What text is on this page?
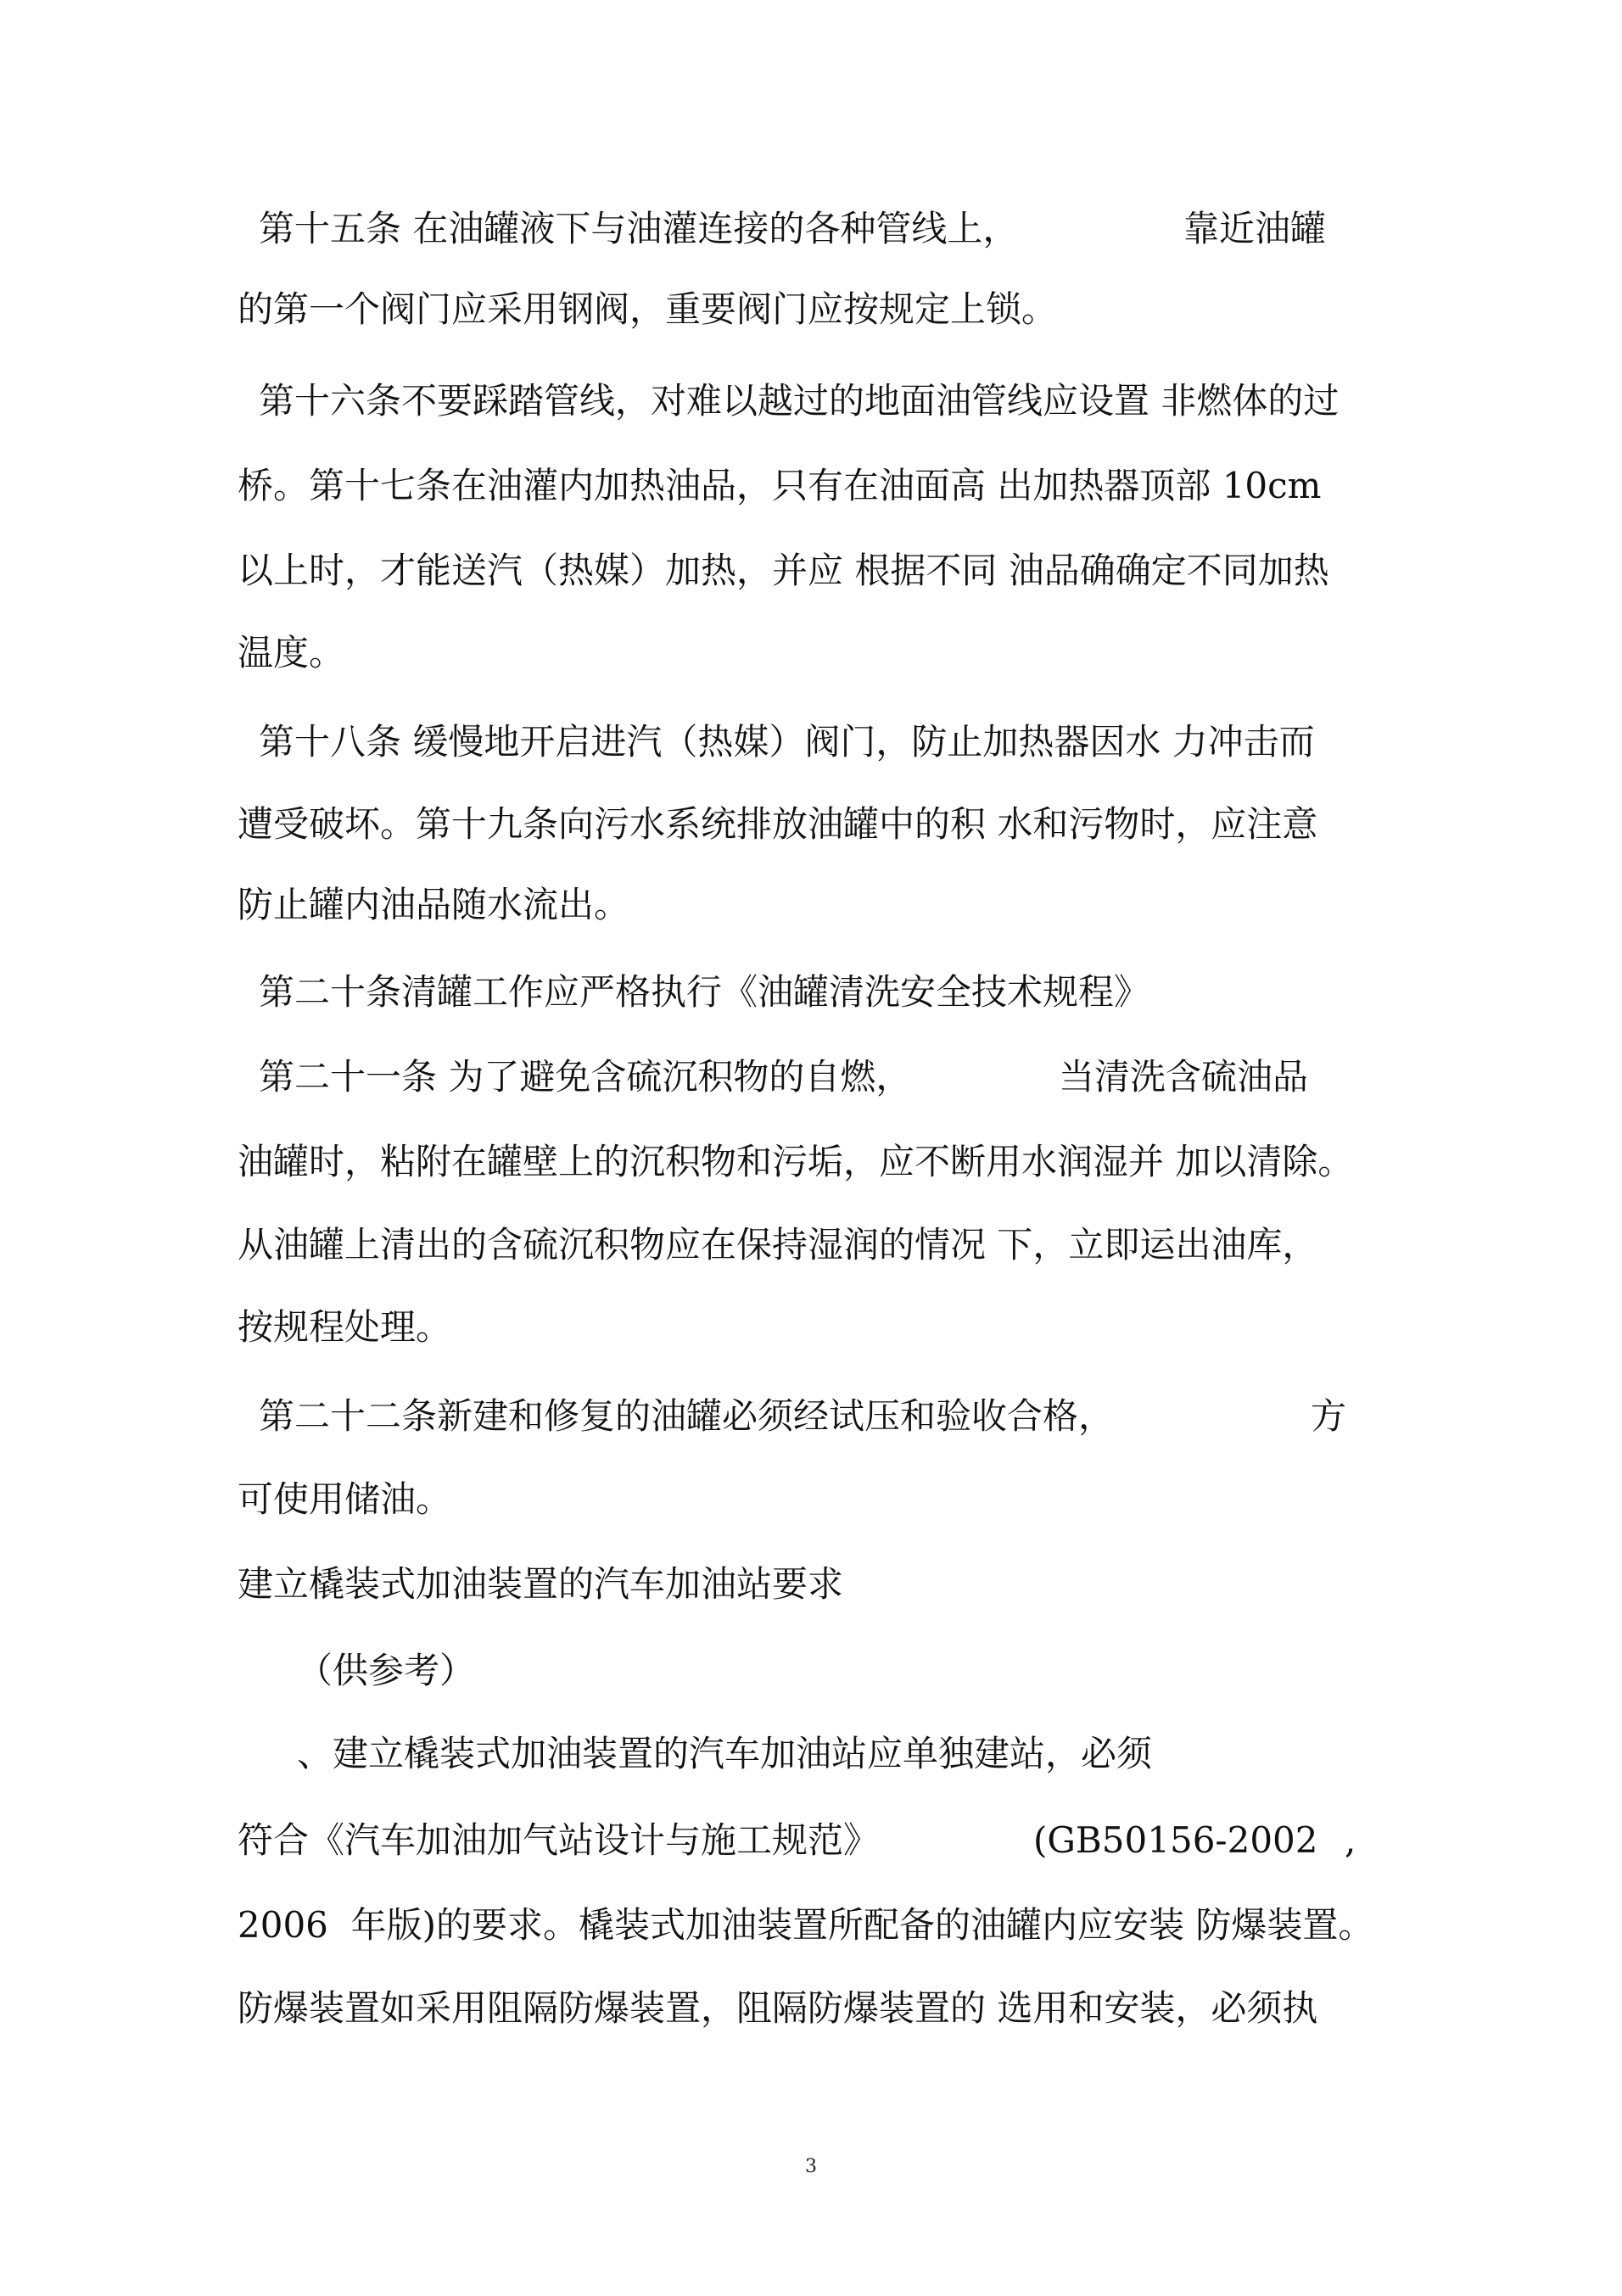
第十五条 在油罐液下与油灌连接的各种管线上，	靠近油罐
的第一个阀门应采用钢阀，重要阀门应按规定上锁。
第十六条不要踩踏管线，对难以越过的地面油管线应设置 非燃体的过
桥。第十七条在油灌内加热油品，只有在油面高 出加热器顶部 10cm
以上时，才能送汽（热媒）加热，并应 根据不同 油品确确定不同加热
温度。
第十八条 缓慢地开启进汽（热媒）阀门，防止加热器因水 力冲击而
遭受破坏。第十九条向污水系统排放油罐中的积 水和污物时，应注意
防止罐内油品随水流出。
第二十条清罐工作应严格执行《油罐清洗安全技术规程》
第二十一条 为了避免含硫沉积物的自燃，	当清洗含硫油品
油罐时，粘附在罐壁上的沉积物和污垢，应不断用水润湿并 加以清除。
从油罐上清出的含硫沉积物应在保持湿润的情况 下，立即运出油库，
按规程处理。
第二十二条新建和修复的油罐必须经试压和验收合格，	方
可使用储油。
建立橇装式加油装置的汽车加油站要求
（供参考）
、建立橇装式加油装置的汽车加油站应单独建站，必须
符合《汽车加油加气站设计与施工规范》	(GB50156-2002 ,
2006  年版)的要求。橇装式加油装置所配备的油罐内应安装 防爆装置。
防爆装置如采用阻隔防爆装置，阻隔防爆装置的 选用和安装，必须执
3
